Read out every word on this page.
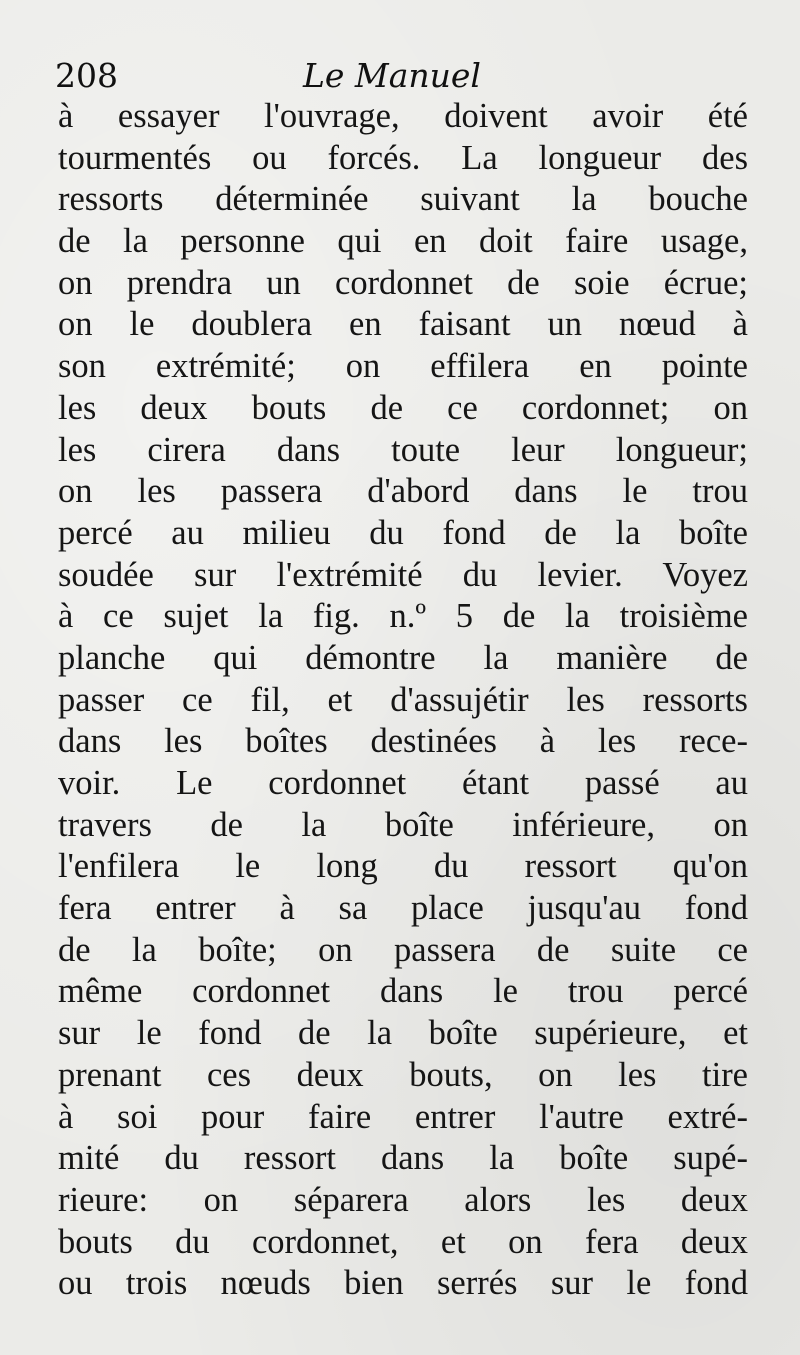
208	Le Manuel
à essayer l'ouvrage, doivent avoir été
tourmentés ou forcés. La longueur des
ressorts déterminée suivant la bouche
de la personne qui en doit faire usage,
on prendra un cordonnet de soie écrue;
on le doublera en faisant un nœud à
son extrémité; on effilera en pointe
les deux bouts de ce cordonnet; on
les cirera dans toute leur longueur;
on les passera d'abord dans le trou
percé au milieu du fond de la boîte
soudée sur l'extrémité du levier. Voyez
à ce sujet la fig. n.º 5 de la troisième
planche qui démontre la manière de
passer ce fil, et d'assujétir les ressorts
dans les boîtes destinées à les rece-
voir. Le cordonnet étant passé au
travers de la boîte inférieure, on
l'enfilera le long du ressort qu'on
fera entrer à sa place jusqu'au fond
de la boîte; on passera de suite ce
même cordonnet dans le trou percé
sur le fond de la boîte supérieure, et
prenant ces deux bouts, on les tire
à soi pour faire entrer l'autre extré-
mité du ressort dans la boîte supé-
rieure: on séparera alors les deux
bouts du cordonnet, et on fera deux
ou trois nœuds bien serrés sur le fond
